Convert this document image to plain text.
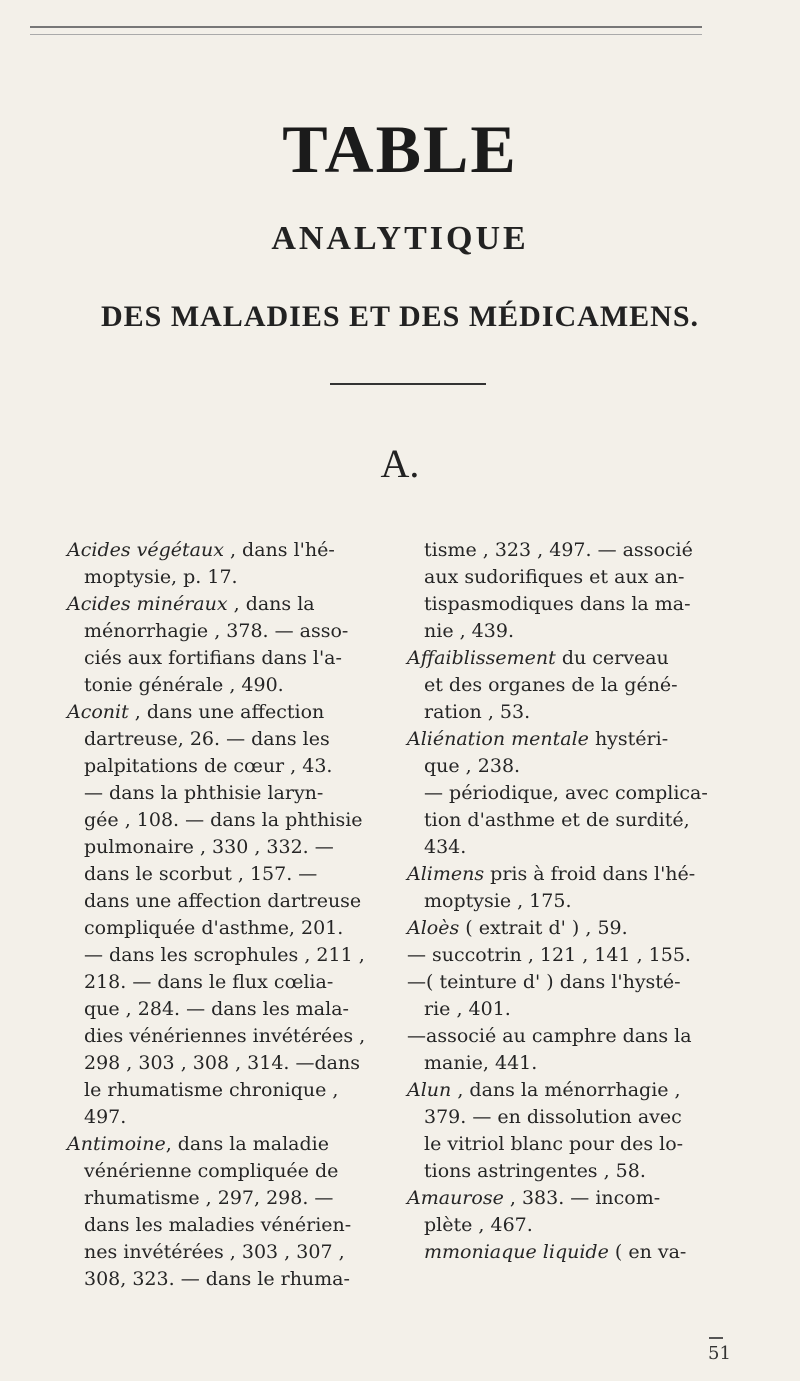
TABLE
ANALYTIQUE
DES MALADIES ET DES MÉDICAMENS.
A.
Acides végétaux , dans l'hé-
moptysie, p. 17.
Acides minéraux , dans la
ménorrhagie , 378. — asso-
ciés aux fortifians dans l'a-
tonie générale , 490.
Aconit , dans une affection
dartreuse, 26. — dans les
palpitations de cœur , 43.
— dans la phthisie laryn-
gée , 108. — dans la phthisie
pulmonaire , 330 , 332. —
dans le scorbut , 157. —
dans une affection dartreuse
compliquée d'asthme, 201.
— dans les scrophules , 211 ,
218. — dans le flux cœlia-
que , 284. — dans les mala-
dies vénériennes invétérées ,
298 , 303 , 308 , 314. —dans
le rhumatisme chronique ,
497.
Antimoine, dans la maladie
vénérienne compliquée de
rhumatisme , 297, 298. —
dans les maladies vénérien-
nes invétérées , 303 , 307 ,
308, 323. — dans le rhuma-
tisme , 323 , 497. — associé
aux sudorifiques et aux an-
tispasmodiques dans la ma-
nie , 439.
Affaiblissement du cerveau
et des organes de la géné-
ration , 53.
Aliénation mentale hystéri-
que , 238.
— périodique, avec complica-
tion d'asthme et de surdité,
434.
Alimens pris à froid dans l'hé-
moptysie , 175.
Aloès ( extrait d' ) , 59.
— succotrin , 121 , 141 , 155.
—( teinture d' ) dans l'hysté-
rie , 401.
—associé au camphre dans la
manie, 441.
Alun , dans la ménorrhagie ,
379. — en dissolution avec
le vitriol blanc pour des lo-
tions astringentes , 58.
Amaurose , 383. — incom-
plète , 467.
mmoniaque liquide ( en va-
51
